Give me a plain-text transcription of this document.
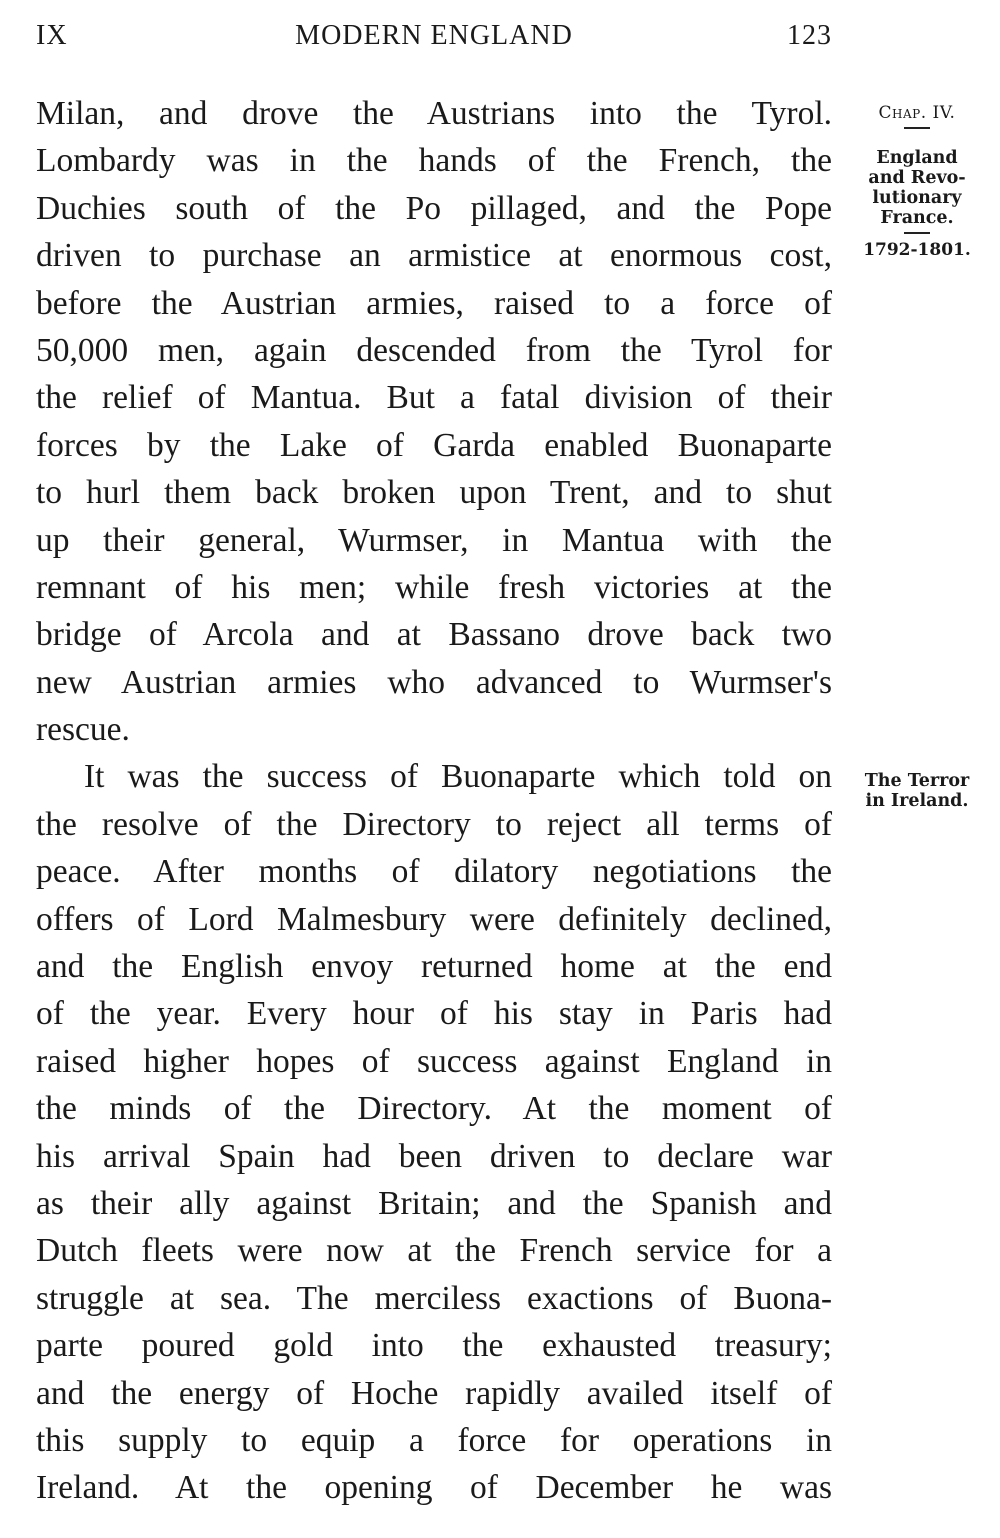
IX	MODERN ENGLAND	123
Milan, and drove the Austrians into the Tyrol.
Lombardy was in the hands of the French, the
Duchies south of the Po pillaged, and the Pope
driven to purchase an armistice at enormous cost,
before the Austrian armies, raised to a force of
50,000 men, again descended from the Tyrol for
the relief of Mantua. But a fatal division of their
forces by the Lake of Garda enabled Buonaparte
to hurl them back broken upon Trent, and to shut
up their general, Wurmser, in Mantua with the
remnant of his men; while fresh victories at the
bridge of Arcola and at Bassano drove back two
new Austrian armies who advanced to Wurmser's
rescue.
It was the success of Buonaparte which told on
the resolve of the Directory to reject all terms of
peace. After months of dilatory negotiations the
offers of Lord Malmesbury were definitely declined,
and the English envoy returned home at the end
of the year. Every hour of his stay in Paris had
raised higher hopes of success against England in
the minds of the Directory. At the moment of
his arrival Spain had been driven to declare war
as their ally against Britain; and the Spanish and
Dutch fleets were now at the French service for a
struggle at sea. The merciless exactions of Buona-
parte poured gold into the exhausted treasury;
and the energy of Hoche rapidly availed itself of
this supply to equip a force for operations in
Ireland. At the opening of December he was
Chap. IV.
England
and Revo-
lutionary
France.
1792-1801.
The Terror
in Ireland.
